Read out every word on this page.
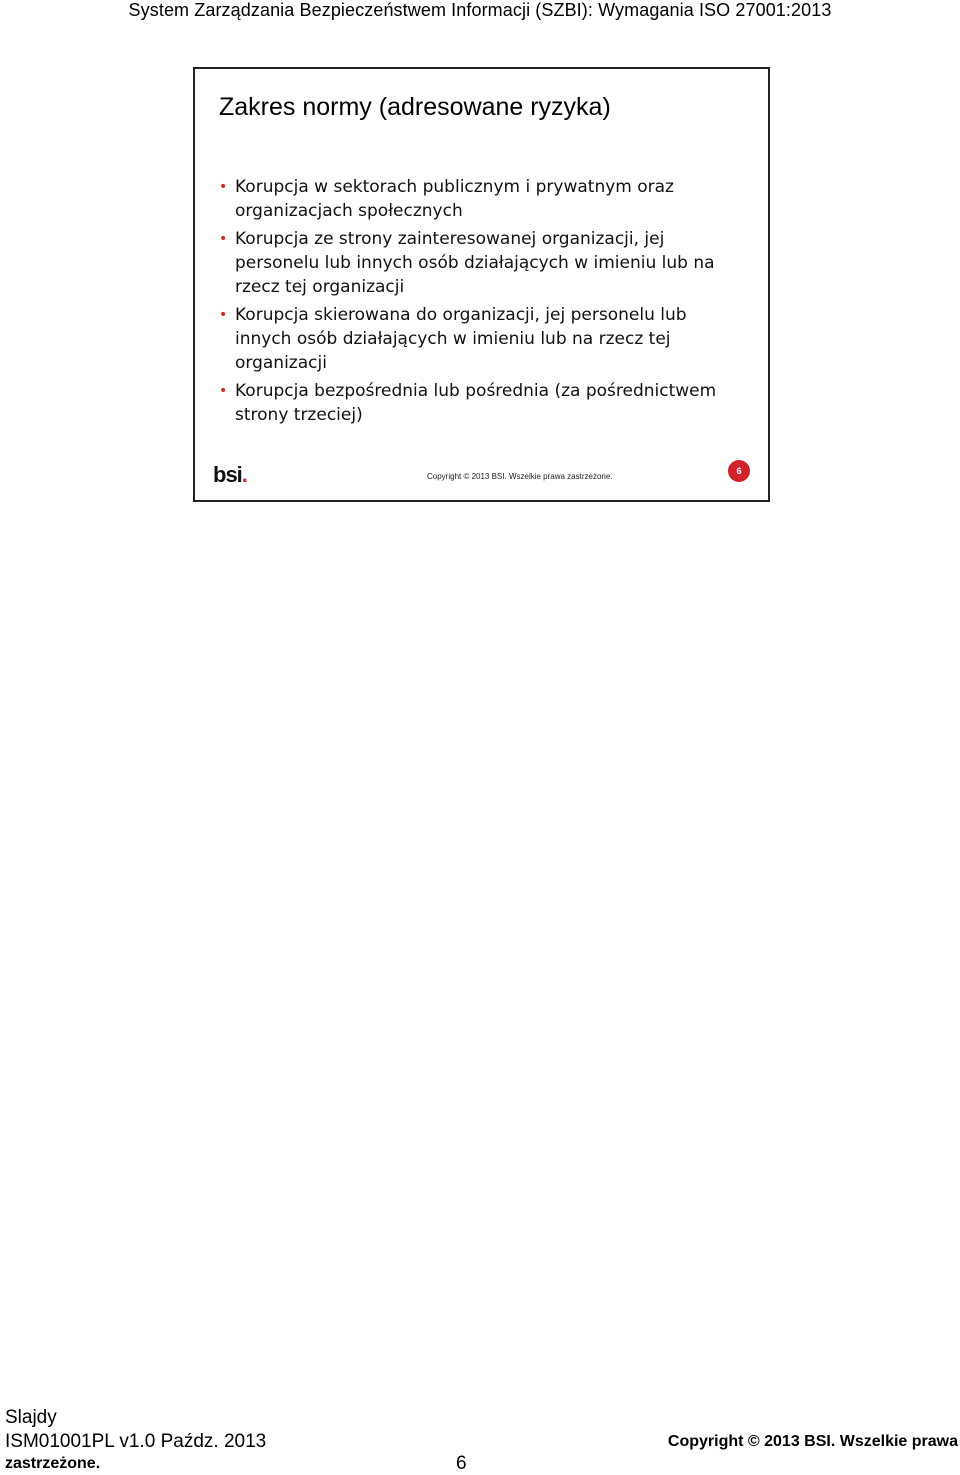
System Zarządzania Bezpieczeństwem Informacji (SZBI): Wymagania ISO 27001:2013
Zakres normy (adresowane ryzyka)
• Korupcja w sektorach publicznym i prywatnym oraz organizacjach społecznych
• Korupcja ze strony zainteresowanej organizacji, jej personelu lub innych osób działających w imieniu lub na rzecz tej organizacji
• Korupcja skierowana do organizacji, jej personelu lub innych osób działających w imieniu lub na rzecz tej organizacji
• Korupcja bezpośrednia lub pośrednia (za pośrednictwem strony trzeciej)
bsi.	Copyright © 2013 BSI. Wszelkie prawa zastrzeżone.
6
Slajdy
ISM01001PL v1.0 Paźdz. 2013
zastrzeżone.	6
Copyright © 2013 BSI. Wszelkie prawa
